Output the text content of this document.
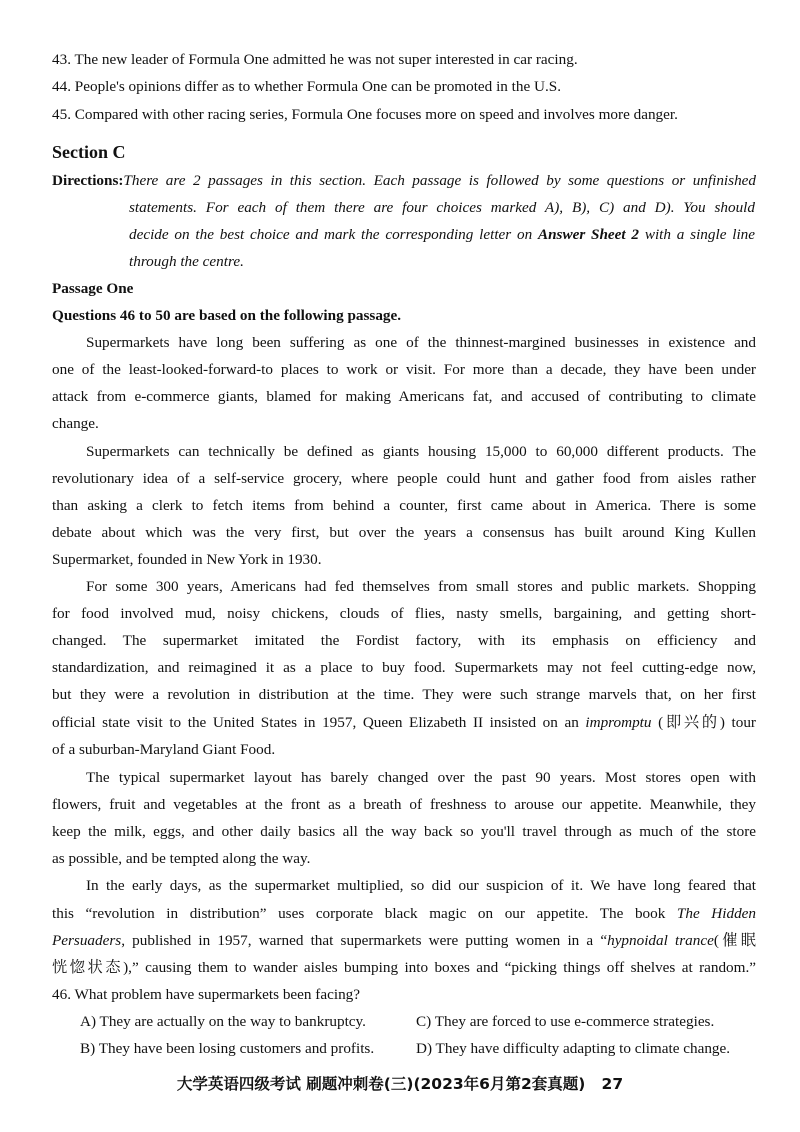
43. The new leader of Formula One admitted he was not super interested in car racing.
44. People's opinions differ as to whether Formula One can be promoted in the U.S.
45. Compared with other racing series, Formula One focuses more on speed and involves more danger.
Section C
Directions:There are 2 passages in this section. Each passage is followed by some questions or unfinished
statements. For each of them there are four choices marked A), B), C) and D). You should
decide on the best choice and mark the corresponding letter on Answer Sheet 2 with a single line
through the centre.
Passage One
Questions 46 to 50 are based on the following passage.
Supermarkets have long been suffering as one of the thinnest-margined businesses in existence and
one of the least-looked-forward-to places to work or visit. For more than a decade, they have been under
attack from e-commerce giants, blamed for making Americans fat, and accused of contributing to climate
change.
Supermarkets can technically be defined as giants housing 15,000 to 60,000 different products. The
revolutionary idea of a self-service grocery, where people could hunt and gather food from aisles rather
than asking a clerk to fetch items from behind a counter, first came about in America. There is some
debate about which was the very first, but over the years a consensus has built around King Kullen
Supermarket, founded in New York in 1930.
For some 300 years, Americans had fed themselves from small stores and public markets. Shopping
for food involved mud, noisy chickens, clouds of flies, nasty smells, bargaining, and getting short-
changed. The supermarket imitated the Fordist factory, with its emphasis on efficiency and
standardization, and reimagined it as a place to buy food. Supermarkets may not feel cutting-edge now,
but they were a revolution in distribution at the time. They were such strange marvels that, on her first
official state visit to the United States in 1957, Queen Elizabeth II insisted on an impromptu (即兴的) tour
of a suburban-Maryland Giant Food.
The typical supermarket layout has barely changed over the past 90 years. Most stores open with
flowers, fruit and vegetables at the front as a breath of freshness to arouse our appetite. Meanwhile, they
keep the milk, eggs, and other daily basics all the way back so you'll travel through as much of the store
as possible, and be tempted along the way.
In the early days, as the supermarket multiplied, so did our suspicion of it. We have long feared that
this “revolution in distribution” uses corporate black magic on our appetite. The book The Hidden
Persuaders, published in 1957, warned that supermarkets were putting women in a “hypnoidal trance(催眠
恍惚状态),” causing them to wander aisles bumping into boxes and “picking things off shelves at random.”
46. What problem have supermarkets been facing?
A) They are actually on the way to bankruptcy.	C) They are forced to use e-commerce strategies.
B) They have been losing customers and profits.	D) They have difficulty adapting to climate change.
大学英语四级考试 刷题冲刺卷(三)(2023年6月第2套真题) 27
